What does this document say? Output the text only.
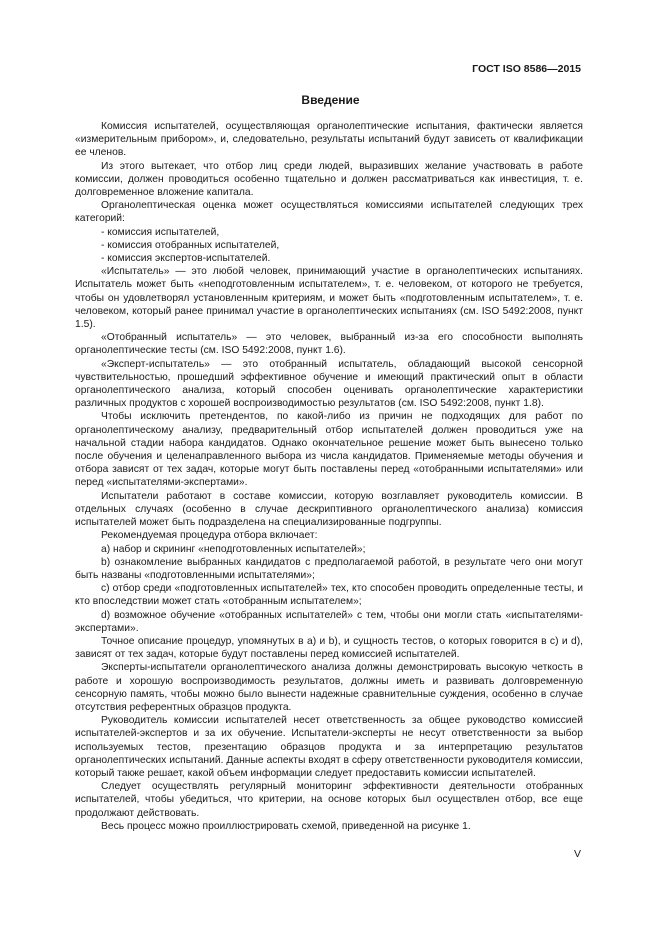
ГОСТ ISO 8586—2015
Введение

Комиссия испытателей, осуществляющая органолептические испытания, фактически является «измерительным прибором», и, следовательно, результаты испытаний будут зависеть от квалификации ее членов.

Из этого вытекает, что отбор лиц среди людей, выразивших желание участвовать в работе комиссии, должен проводиться особенно тщательно и должен рассматриваться как инвестиция, т. е. долговременное вложение капитала.

Органолептическая оценка может осуществляться комиссиями испытателей следующих трех категорий:

- комиссия испытателей,

- комиссия отобранных испытателей,

- комиссия экспертов-испытателей.

«Испытатель» — это любой человек, принимающий участие в органолептических испытаниях. Испытатель может быть «неподготовленным испытателем», т. е. человеком, от которого не требуется, чтобы он удовлетворял установленным критериям, и может быть «подготовленным испытателем», т. е. человеком, который ранее принимал участие в органолептических испытаниях (см. ISO 5492:2008, пункт 1.5).

«Отобранный испытатель» — это человек, выбранный из-за его способности выполнять органолептические тесты (см. ISO 5492:2008, пункт 1.6).

«Эксперт-испытатель» — это отобранный испытатель, обладающий высокой сенсорной чувствительностью, прошедший эффективное обучение и имеющий практический опыт в области органолептического анализа, который способен оценивать органолептические характеристики различных продуктов с хорошей воспроизводимостью результатов (см. ISO 5492:2008, пункт 1.8).

Чтобы исключить претендентов, по какой-либо из причин не подходящих для работ по органолептическому анализу, предварительный отбор испытателей должен проводиться уже на начальной стадии набора кандидатов. Однако окончательное решение может быть вынесено только после обучения и целенаправленного выбора из числа кандидатов. Применяемые методы обучения и отбора зависят от тех задач, которые могут быть поставлены перед «отобранными испытателями» или перед «испытателями-экспертами».

Испытатели работают в составе комиссии, которую возглавляет руководитель комиссии. В отдельных случаях (особенно в случае дескриптивного органолептического анализа) комиссия испытателей может быть подразделена на специализированные подгруппы.

Рекомендуемая процедура отбора включает:

a) набор и скрининг «неподготовленных испытателей»;

b) ознакомление выбранных кандидатов с предполагаемой работой, в результате чего они могут быть названы «подготовленными испытателями»;

c) отбор среди «подготовленных испытателей» тех, кто способен проводить определенные тесты, и кто впоследствии может стать «отобранным испытателем»;

d) возможное обучение «отобранных испытателей» с тем, чтобы они могли стать «испытателями-экспертами».

Точное описание процедур, упомянутых в a) и b), и сущность тестов, о которых говорится в c) и d), зависят от тех задач, которые будут поставлены перед комиссией испытателей.

Эксперты-испытатели органолептического анализа должны демонстрировать высокую четкость в работе и хорошую воспроизводимость результатов, должны иметь и развивать долговременную сенсорную память, чтобы можно было вынести надежные сравнительные суждения, особенно в случае отсутствия референтных образцов продукта.

Руководитель комиссии испытателей несет ответственность за общее руководство комиссией испытателей-экспертов и за их обучение. Испытатели-эксперты не несут ответственности за выбор используемых тестов, презентацию образцов продукта и за интерпретацию результатов органолептических испытаний. Данные аспекты входят в сферу ответственности руководителя комиссии, который также решает, какой объем информации следует предоставить комиссии испытателей.

Следует осуществлять регулярный мониторинг эффективности деятельности отобранных испытателей, чтобы убедиться, что критерии, на основе которых был осуществлен отбор, все еще продолжают действовать.

Весь процесс можно проиллюстрировать схемой, приведенной на рисунке 1.

V
